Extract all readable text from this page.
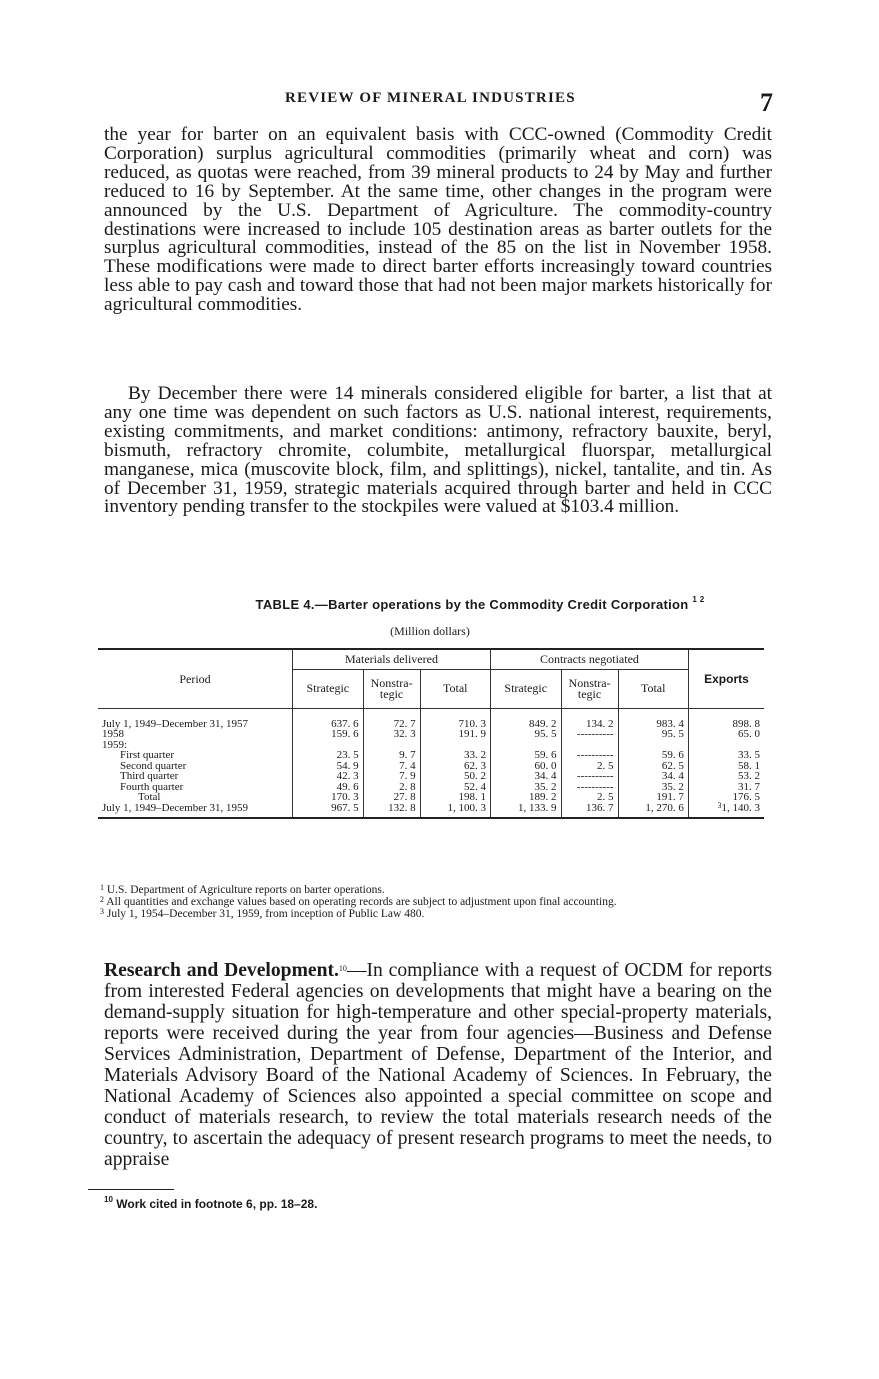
REVIEW OF MINERAL INDUSTRIES	7

the year for barter on an equivalent basis with CCC-owned (Commodity Credit Corporation) surplus agricultural commodities (primarily wheat and corn) was reduced, as quotas were reached, from 39 mineral products to 24 by May and further reduced to 16 by September. At the same time, other changes in the program were announced by the U.S. Department of Agriculture. The commodity-country destinations were increased to include 105 destination areas as barter outlets for the surplus agricultural commodities, instead of the 85 on the list in November 1958. These modifications were made to direct barter efforts increasingly toward countries less able to pay cash and toward those that had not been major markets historically for agricultural commodities.

By December there were 14 minerals considered eligible for barter, a list that at any one time was dependent on such factors as U.S. national interest, requirements, existing commitments, and market conditions: antimony, refractory bauxite, beryl, bismuth, refractory chromite, columbite, metallurgical fluorspar, metallurgical manganese, mica (muscovite block, film, and splittings), nickel, tantalite, and tin. As of December 31, 1959, strategic materials acquired through barter and held in CCC inventory pending transfer to the stockpiles were valued at $103.4 million.

TABLE 4.—Barter operations by the Commodity Credit Corporation $^{1 2}$
(Million dollars)
Period	Materials delivered			Contracts negotiated			Exports
	Strategic	Nonstra-tegic	Total	Strategic	Nonstra-tegic	Total	
July 1, 1949–December 31, 1957	637. 6	72. 7	710. 3	849. 2	134. 2	983. 4	898. 8
1958	159. 6	32. 3	191. 9	95. 5	----------	95. 5	65. 0
1959:							
First quarter	23. 5	9. 7	33. 2	59. 6	----------	59. 6	33. 5
Second quarter	54. 9	7. 4	62. 3	60. 0	2. 5	62. 5	58. 1
Third quarter	42. 3	7. 9	50. 2	34. 4	----------	34. 4	53. 2
Fourth quarter	49. 6	2. 8	52. 4	35. 2	----------	35. 2	31. 7
Total	170. 3	27. 8	198. 1	189. 2	2. 5	191. 7	176. 5
July 1, 1949–December 31, 1959	967. 5	132. 8	1, 100. 3	1, 133. 9	136. 7	1, 270. 6	$^3$1, 140. 3

$^1$ U.S. Department of Agriculture reports on barter operations.

$^2$ All quantities and exchange values based on operating records are subject to adjustment upon final accounting.

$^3$ July 1, 1954–December 31, 1959, from inception of Public Law 480.

Research and Development.$^{10}$—In compliance with a request of OCDM for reports from interested Federal agencies on developments that might have a bearing on the demand-supply situation for high-temperature and other special-property materials, reports were received during the year from four agencies—Business and Defense Services Administration, Department of Defense, Department of the Interior, and Materials Advisory Board of the National Academy of Sciences. In February, the National Academy of Sciences also appointed a special committee on scope and conduct of materials research, to review the total materials research needs of the country, to ascertain the adequacy of present research programs to meet the needs, to appraise

$^{10}$ Work cited in footnote 6, pp. 18–28.
